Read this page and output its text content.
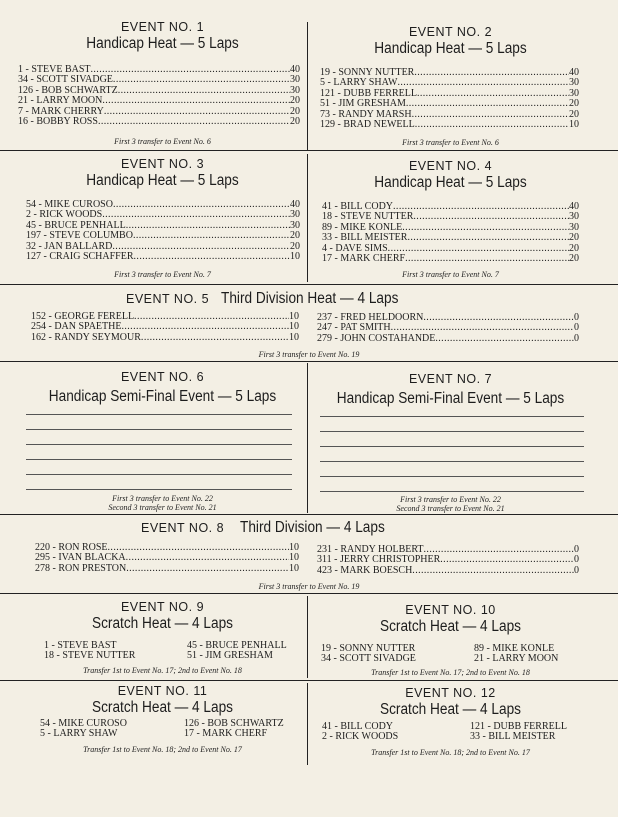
EVENT NO. 1
Handicap Heat — 5 Laps
1 - STEVE BAST .....	40
34 - SCOTT SIVADGE .....	30
126 - BOB SCHWARTZ .....	30
21 - LARRY MOON .....	20
7 - MARK CHERRY .....	20
16 - BOBBY ROSS .....	20
First 3 transfer to Event No. 6
EVENT NO. 2
Handicap Heat — 5 Laps
19 - SONNY NUTTER .....	40
5 - LARRY SHAW .....	30
121 - DUBB FERRELL .....	30
51 - JIM GRESHAM .....	20
73 - RANDY MARSH .....	20
129 - BRAD NEWELL .....	10
First 3 transfer to Event No. 6
EVENT NO. 3
Handicap Heat — 5 Laps
54 - MIKE CUROSO .....	40
2 - RICK WOODS .....	30
45 - BRUCE PENHALL .....	30
197 - STEVE COLUMBO .....	20
32 - JAN BALLARD .....	20
127 - CRAIG SCHAFFER .....	10
First 3 transfer to Event No. 7
EVENT NO. 4
Handicap Heat — 5 Laps
41 - BILL CODY .....	40
18 - STEVE NUTTER .....	30
89 - MIKE KONLE .....	30
33 - BILL MEISTER .....	20
4 - DAVE SIMS .....	20
17 - MARK CHERF .....	20
First 3 transfer to Event No. 7
EVENT NO. 5 Third Division Heat — 4 Laps
152 - GEORGE FERELL .....	10
254 - DAN SPAETHE .....	10
162 - RANDY SEYMOUR .....	10
237 - FRED HELDOORN .....	0
247 - PAT SMITH .....	0
279 - JOHN COSTAHANDE .....	0
First 3 transfer to Event No. 19
EVENT NO. 6
Handicap Semi-Final Event — 5 Laps
First 3 transfer to Event No. 22
Second 3 transfer to Event No. 21
EVENT NO. 7
Handicap Semi-Final Event — 5 Laps
First 3 transfer to Event No. 22
Second 3 transfer to Event No. 21
EVENT NO. 8 Third Division — 4 Laps
220 - RON ROSE .....	10
295 - IVAN BLACKA .....	10
278 - RON PRESTON .....	10
231 - RANDY HOLBERT .....	0
311 - JERRY CHRISTOPHER .....	0
423 - MARK BOESCH .....	0
First 3 transfer to Event No. 19
EVENT NO. 9
Scratch Heat — 4 Laps
1 - STEVE BAST
18 - STEVE NUTTER
45 - BRUCE PENHALL
51 - JIM GRESHAM
Transfer 1st to Event No. 17; 2nd to Event No. 18
EVENT NO. 10
Scratch Heat — 4 Laps
19 - SONNY NUTTER
34 - SCOTT SIVADGE
89 - MIKE KONLE
21 - LARRY MOON
Transfer 1st to Event No. 17; 2nd to Event No. 18
EVENT NO. 11
Scratch Heat — 4 Laps
54 - MIKE CUROSO
5 - LARRY SHAW
126 - BOB SCHWARTZ
17 - MARK CHERF
Transfer 1st to Event No. 18; 2nd to Event No. 17
EVENT NO. 12
Scratch Heat — 4 Laps
41 - BILL CODY
2 - RICK WOODS
121 - DUBB FERRELL
33 - BILL MEISTER
Transfer 1st to Event No. 18; 2nd to Event No. 17
